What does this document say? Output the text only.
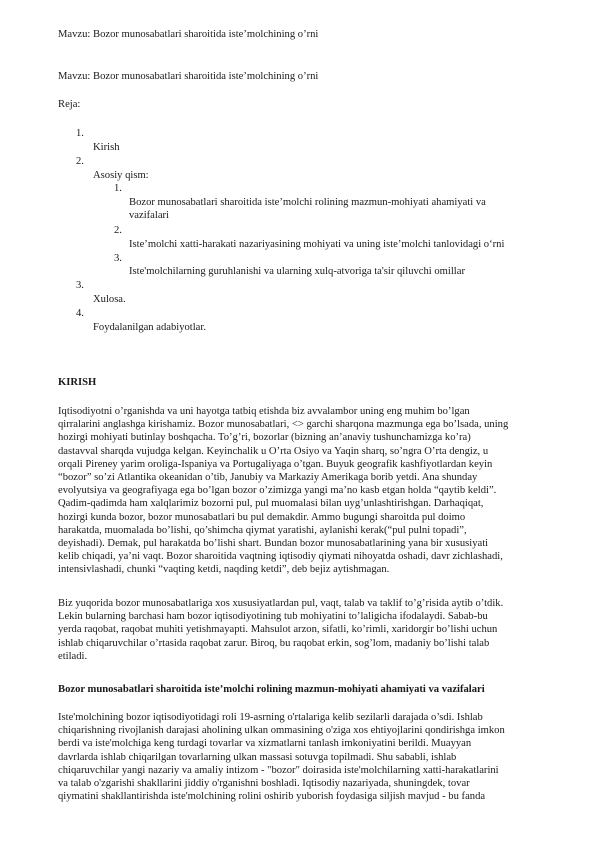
Mavzu: Bozor munosabatlari sharoitida iste’molchining o’rni
Mavzu: Bozor munosabatlari sharoitida iste’molchining o’rni
Reja:
1.
Kirish
2.
Asosiy qism:
1.
Bozor munosabatlari sharoitida iste’molchi rolining mazmun-mohiyati ahamiyati va
vazifalari
2.
Iste’molchi xatti-harakati nazariyasining mohiyati va uning iste’molchi tanlovidagi o‘rni
3.
Iste'molchilarning guruhlanishi va ularning xulq-atvoriga ta'sir qiluvchi omillar
3.
Xulosa.
4.
Foydalanilgan adabiyotlar.
KIRISH
Iqtisodiyotni o’rganishda va uni hayotga tatbiq etishda biz avvalambor uning eng muhim bo’lgan
qirralarini anglashga kirishamiz. Bozor munosabatlari, <> garchi sharqona mazmunga ega bo’lsada, uning
hozirgi mohiyati butinlay boshqacha. To’g’ri, bozorlar (bizning an’anaviy tushunchamizga ko’ra)
dastavval sharqda vujudga kelgan. Keyinchalik u O’rta Osiyo va Yaqin sharq, so’ngra O’rta dengiz, u
orqali Pireney yarim oroliga-Ispaniya va Portugaliyaga o’tgan. Buyuk geografik kashfiyotlardan keyin
“bozor” so’zi Atlantika okeanidan o’tib, Janubiy va Markaziy Amerikaga borib yetdi. Ana shunday
evolyutsiya va geografiyaga ega bo’lgan bozor o’zimizga yangi ma’no kasb etgan holda “qaytib keldi”.
Qadim-qadimda ham xalqlarimiz bozorni pul, pul muomalasi bilan uyg’unlashtirishgan. Darhaqiqat,
hozirgi kunda bozor, bozor munosabatlari bu pul demakdir. Ammo bugungi sharoitda pul doimo
harakatda, muomalada bo’lishi, qo’shimcha qiymat yaratishi, aylanishi kerak(“pul pulni topadi”,
deyishadi). Demak, pul harakatda bo’lishi shart. Bundan bozor munosabatlarining yana bir xususiyati
kelib chiqadi, ya’ni vaqt. Bozor sharoitida vaqtning iqtisodiy qiymati nihoyatda oshadi, davr zichlashadi,
intensivlashadi, chunki “vaqting ketdi, naqding ketdi”, deb bejiz aytishmagan.
Biz yuqorida bozor munosabatlariga xos xususiyatlardan pul, vaqt, talab va taklif to’g’risida aytib o’tdik.
Lekin bularning barchasi ham bozor iqtisodiyotining tub mohiyatini to’laligicha ifodalaydi. Sabab-bu
yerda raqobat, raqobat muhiti yetishmayapti. Mahsulot arzon, sifatli, ko’rimli, xaridorgir bo’lishi uchun
ishlab chiqaruvchilar o’rtasida raqobat zarur. Biroq, bu raqobat erkin, sog’lom, madaniy bo’lishi talab
etiladi.
Bozor munosabatlari sharoitida iste’molchi rolining mazmun-mohiyati ahamiyati va vazifalari
Iste'molchining bozor iqtisodiyotidagi roli 19-asrning o'rtalariga kelib sezilarli darajada o’sdi. Ishlab
chiqarishning rivojlanish darajasi aholining ulkan ommasining o'ziga xos ehtiyojlarini qondirishga imkon
berdi va iste'molchiga keng turdagi tovarlar va xizmatlarni tanlash imkoniyatini berildi. Muayyan
davrlarda ishlab chiqarilgan tovarlarning ulkan massasi sotuvga topilmadi. Shu sababli, ishlab
chiqaruvchilar yangi nazariy va amaliy intizom - "bozor" doirasida iste'molchilarning xatti-harakatlarini
va talab o'zgarishi shakllarini jiddiy o'rganishni boshladi. Iqtisodiy nazariyada, shuningdek, tovar
qiymatini shakllantirishda iste'molchining rolini oshirib yuborish foydasiga siljish mavjud - bu fanda
